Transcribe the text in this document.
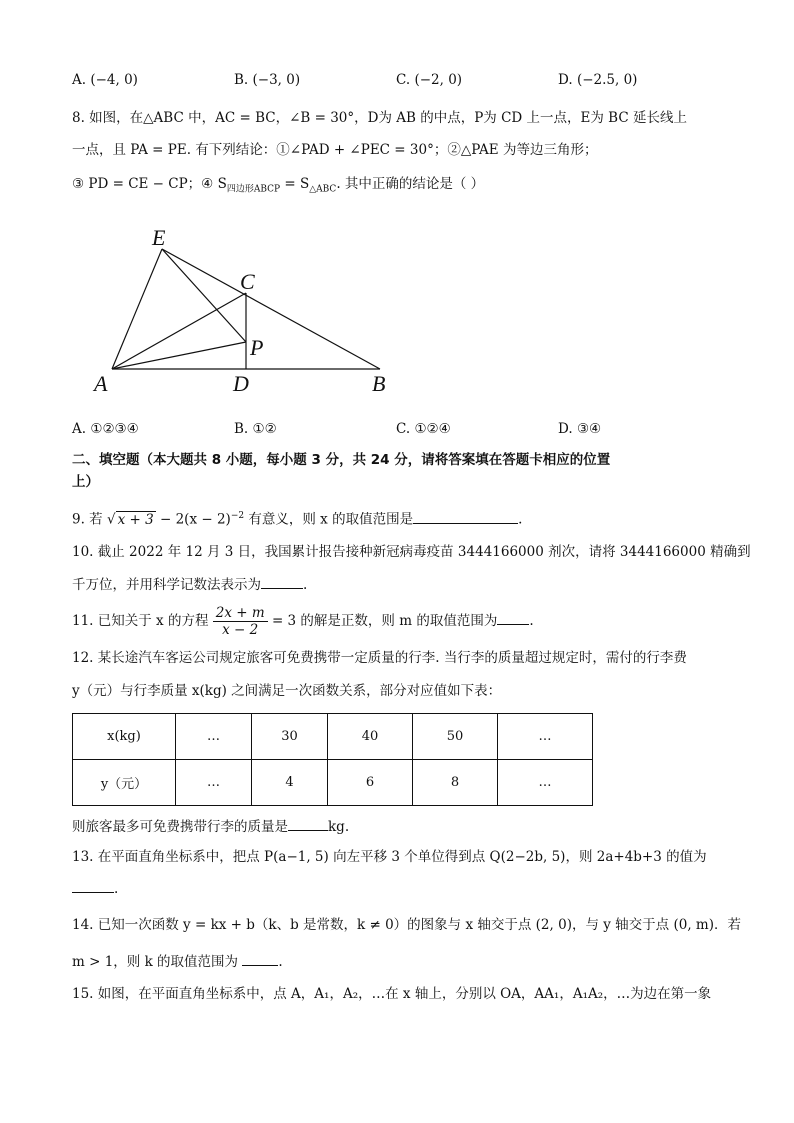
A. (−4, 0)	B. (−3, 0)	C. (−2, 0)	D. (−2.5, 0)
8. 如图，在△ABC 中，AC = BC，∠B = 30°，D为 AB 的中点，P为 CD 上一点，E为 BC 延长线上
一点，且 PA = PE. 有下列结论：①∠PAD + ∠PEC = 30°；②△PAE 为等边三角形；
③ PD = CE − CP；④ $S_{四边形ABCP} = S_{\triangle ABC}$. 其中正确的结论是（ ）
E
C
P
A	D	B
A. ①②③④	B. ①②	C. ①②④	D. ③④
二、填空题（本大题共 8 小题，每小题 3 分，共 24 分，请将答案填在答题卡相应的位置
上）
9. 若 √ $x + 3 - 2(x - 2)^{-2}$ 有意义，则 x 的取值范围是	.
10. 截止 2022 年 12 月 3 日，我国累计报告接种新冠病毒疫苗 3444166000 剂次，请将 3444166000 精确到
千万位，并用科学记数法表示为	.
11. 已知关于 x 的方程 $\frac{2x + m}{x - 2} = 3$ 的解是正数，则 m 的取值范围为 .
12. 某长途汽车客运公司规定旅客可免费携带一定质量的行李. 当行李的质量超过规定时，需付的行李费
y（元）与行李质量 x(kg) 之间满足一次函数关系，部分对应值如下表：
x(kg)	…	30	40	50	…
y（元）	…	4	6	8	…
则旅客最多可免费携带行李的质量是	kg.
13. 在平面直角坐标系中，把点 P(a−1, 5) 向左平移 3 个单位得到点 Q(2−2b, 5)，则 2a+4b+3 的值为
.
14. 已知一次函数 y = kx + b（k、b 是常数，k ≠ 0）的图象与 x 轴交于点 (2, 0)，与 y 轴交于点 (0, m)．若
m > 1，则 k 的取值范围为	.
15. 如图，在平面直角坐标系中，点 A，A₁，A₂，…在 x 轴上，分别以 OA，AA₁，A₁A₂，…为边在第一象
